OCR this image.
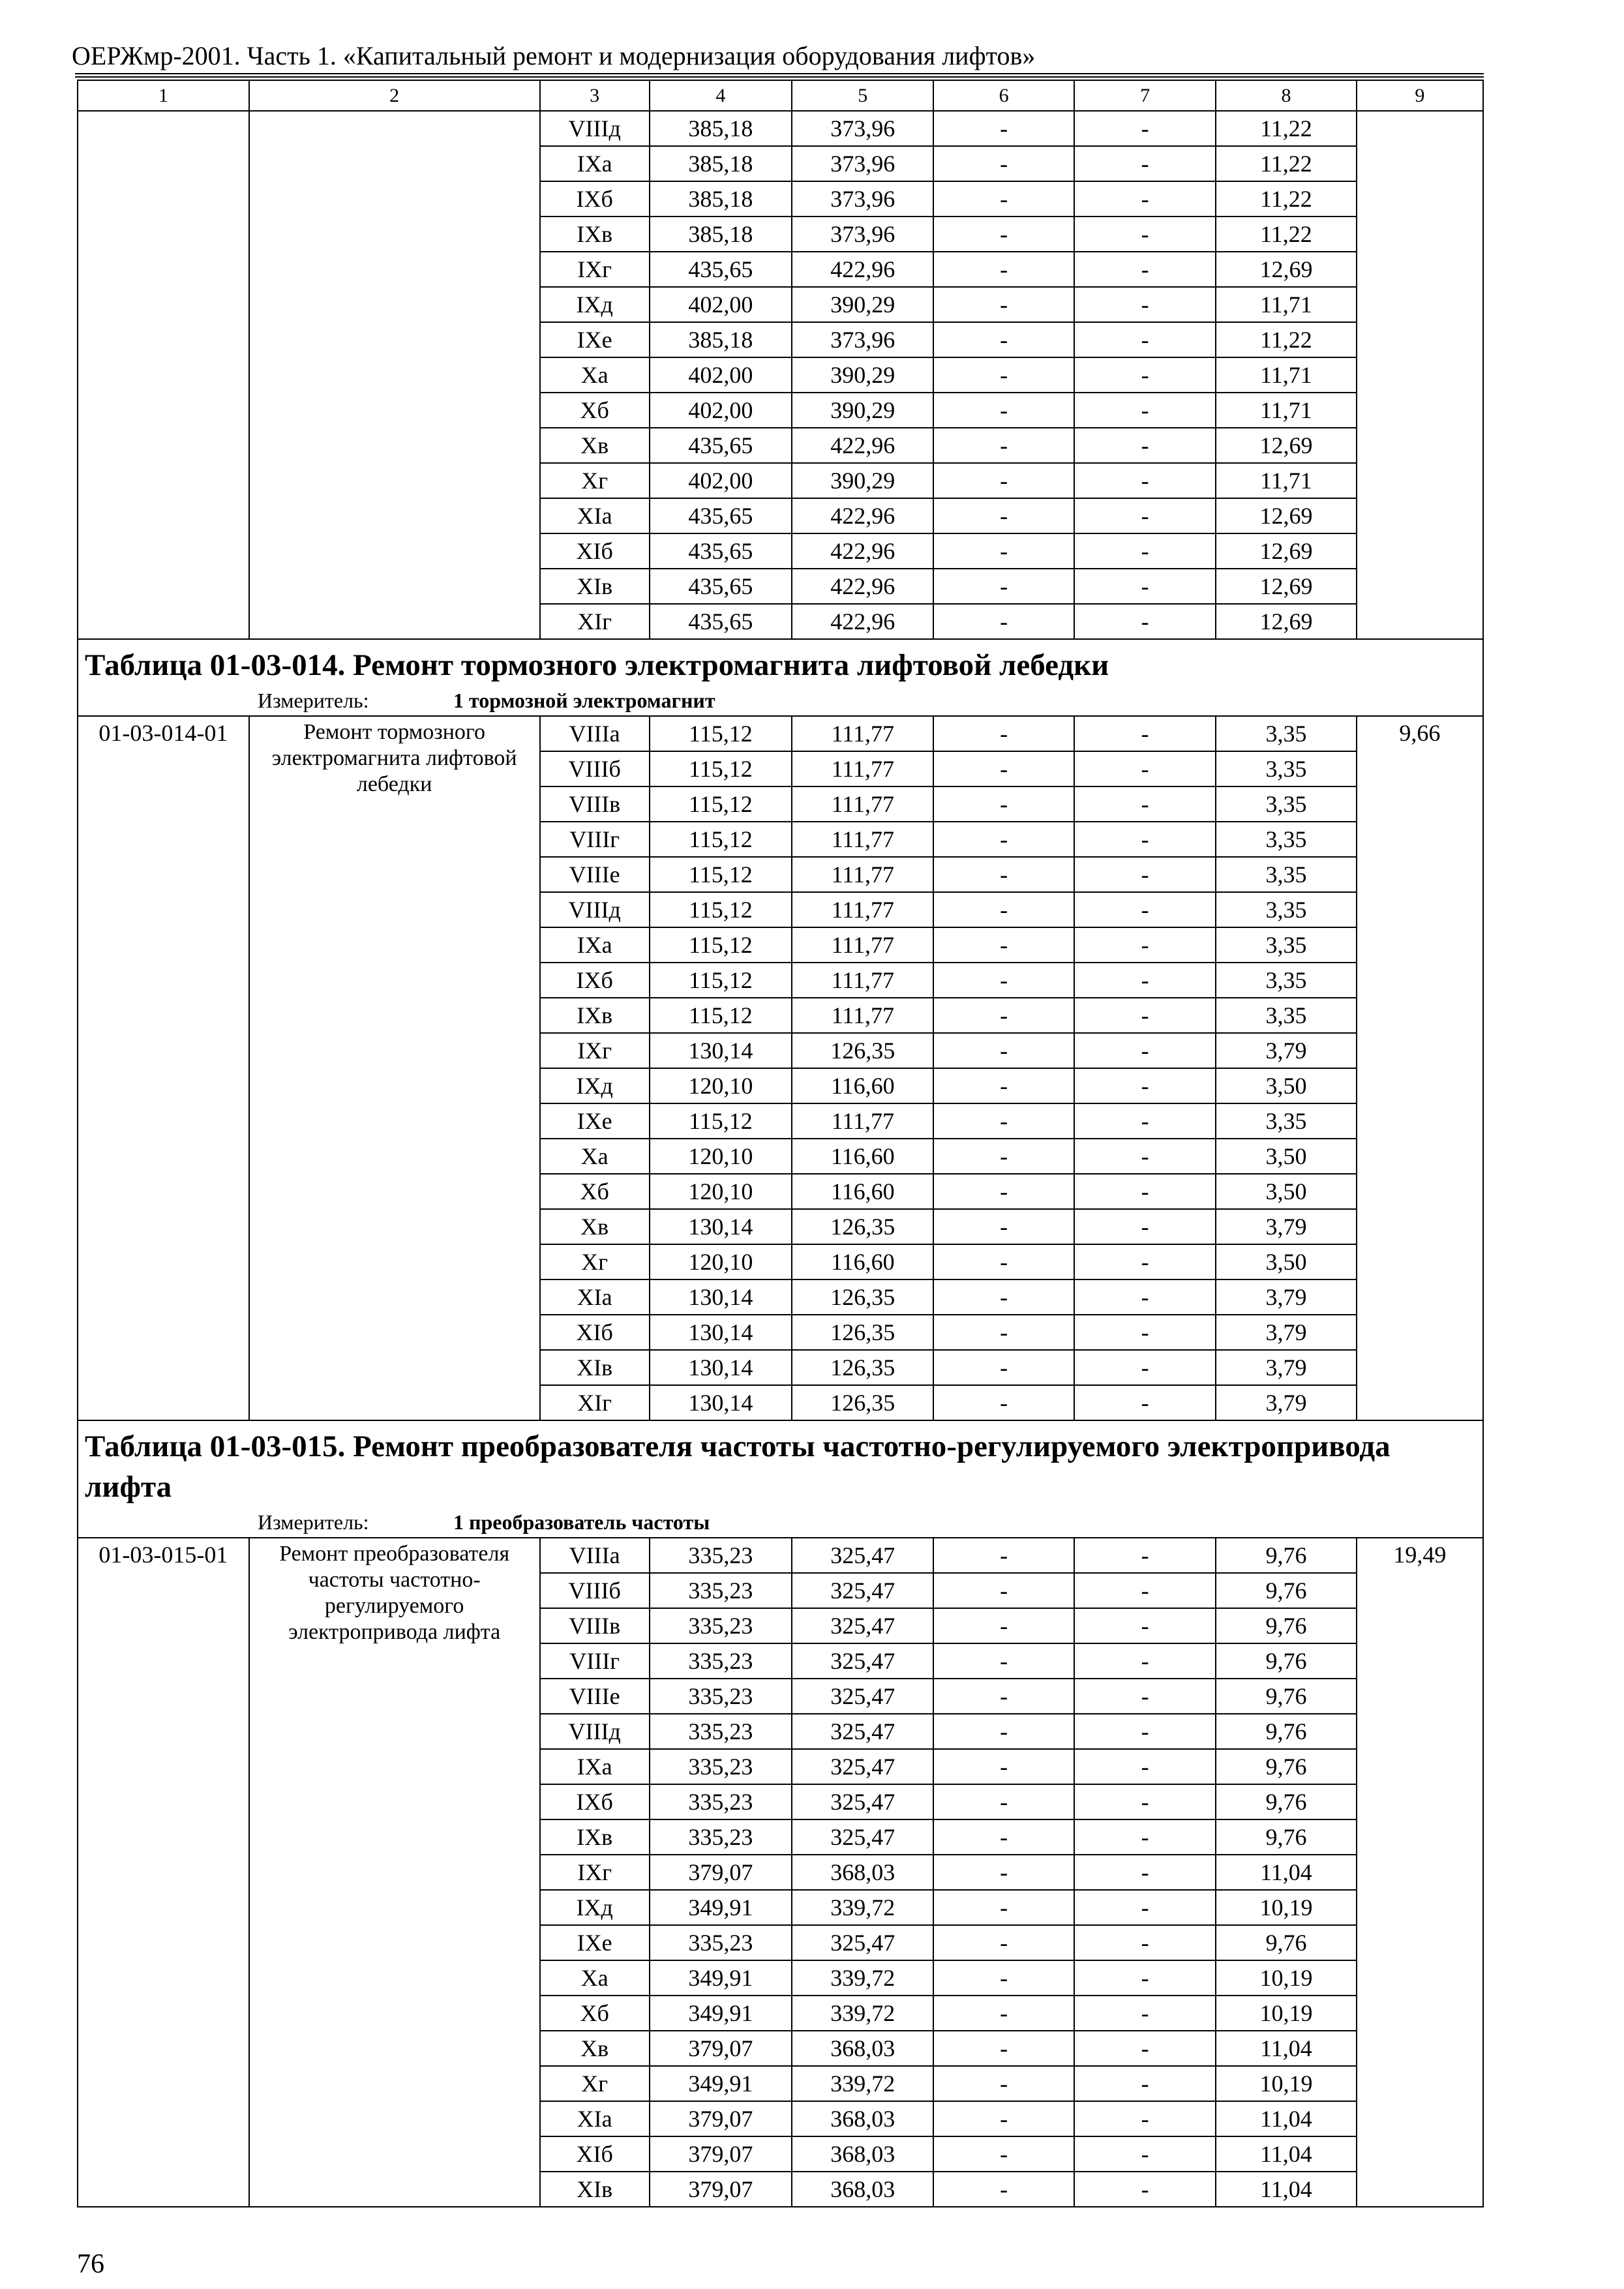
ОЕРЖмр-2001. Часть 1. «Капитальный ремонт и модернизация оборудования лифтов»
1	2	3	4	5	6	7	8	9
		VIIIд	385,18	373,96	-	-	11,22	
		IXа	385,18	373,96	-	-	11,22	
		IXб	385,18	373,96	-	-	11,22	
		IXв	385,18	373,96	-	-	11,22	
		IXг	435,65	422,96	-	-	12,69	
		IXд	402,00	390,29	-	-	11,71	
		IXе	385,18	373,96	-	-	11,22	
		Xа	402,00	390,29	-	-	11,71	
		Xб	402,00	390,29	-	-	11,71	
		Xв	435,65	422,96	-	-	12,69	
		Xг	402,00	390,29	-	-	11,71	
		XIа	435,65	422,96	-	-	12,69	
		XIб	435,65	422,96	-	-	12,69	
		XIв	435,65	422,96	-	-	12,69	
		XIг	435,65	422,96	-	-	12,69	

Таблица 01-03-014. Ремонт тормозного электромагнита лифтовой лебедки
Измеритель: 1 тормозной электромагнит								

01-03-014-01	Ремонт тормозного электромагнита лифтовой лебедки	VIIIа	115,12	111,77	-	-	3,35	9,66
		VIIIб	115,12	111,77	-	-	3,35	
		VIIIв	115,12	111,77	-	-	3,35	
		VIIIг	115,12	111,77	-	-	3,35	
		VIIIе	115,12	111,77	-	-	3,35	
		VIIIд	115,12	111,77	-	-	3,35	
		IXа	115,12	111,77	-	-	3,35	
		IXб	115,12	111,77	-	-	3,35	
		IXв	115,12	111,77	-	-	3,35	
		IXг	130,14	126,35	-	-	3,79	
		IXд	120,10	116,60	-	-	3,50	
		IXе	115,12	111,77	-	-	3,35	
		Xа	120,10	116,60	-	-	3,50	
		Xб	120,10	116,60	-	-	3,50	
		Xв	130,14	126,35	-	-	3,79	
		Xг	120,10	116,60	-	-	3,50	
		XIа	130,14	126,35	-	-	3,79	
		XIб	130,14	126,35	-	-	3,79	
		XIв	130,14	126,35	-	-	3,79	
		XIг	130,14	126,35	-	-	3,79	

Таблица 01-03-015. Ремонт преобразователя частоты частотно-регулируемого электропривода лифта
Измеритель: 1 преобразователь частоты								

01-03-015-01	Ремонт преобразователя частоты частотно-регулируемого электропривода лифта	VIIIа	335,23	325,47	-	-	9,76	19,49
		VIIIб	335,23	325,47	-	-	9,76	
		VIIIв	335,23	325,47	-	-	9,76	
		VIIIг	335,23	325,47	-	-	9,76	
		VIIIе	335,23	325,47	-	-	9,76	
		VIIIд	335,23	325,47	-	-	9,76	
		IXа	335,23	325,47	-	-	9,76	
		IXб	335,23	325,47	-	-	9,76	
		IXв	335,23	325,47	-	-	9,76	
		IXг	379,07	368,03	-	-	11,04	
		IXд	349,91	339,72	-	-	10,19	
		IXе	335,23	325,47	-	-	9,76	
		Xа	349,91	339,72	-	-	10,19	
		Xб	349,91	339,72	-	-	10,19	
		Xв	379,07	368,03	-	-	11,04	
		Xг	349,91	339,72	-	-	10,19	
		XIа	379,07	368,03	-	-	11,04	
		XIб	379,07	368,03	-	-	11,04	
		XIв	379,07	368,03	-	-	11,04	
76
